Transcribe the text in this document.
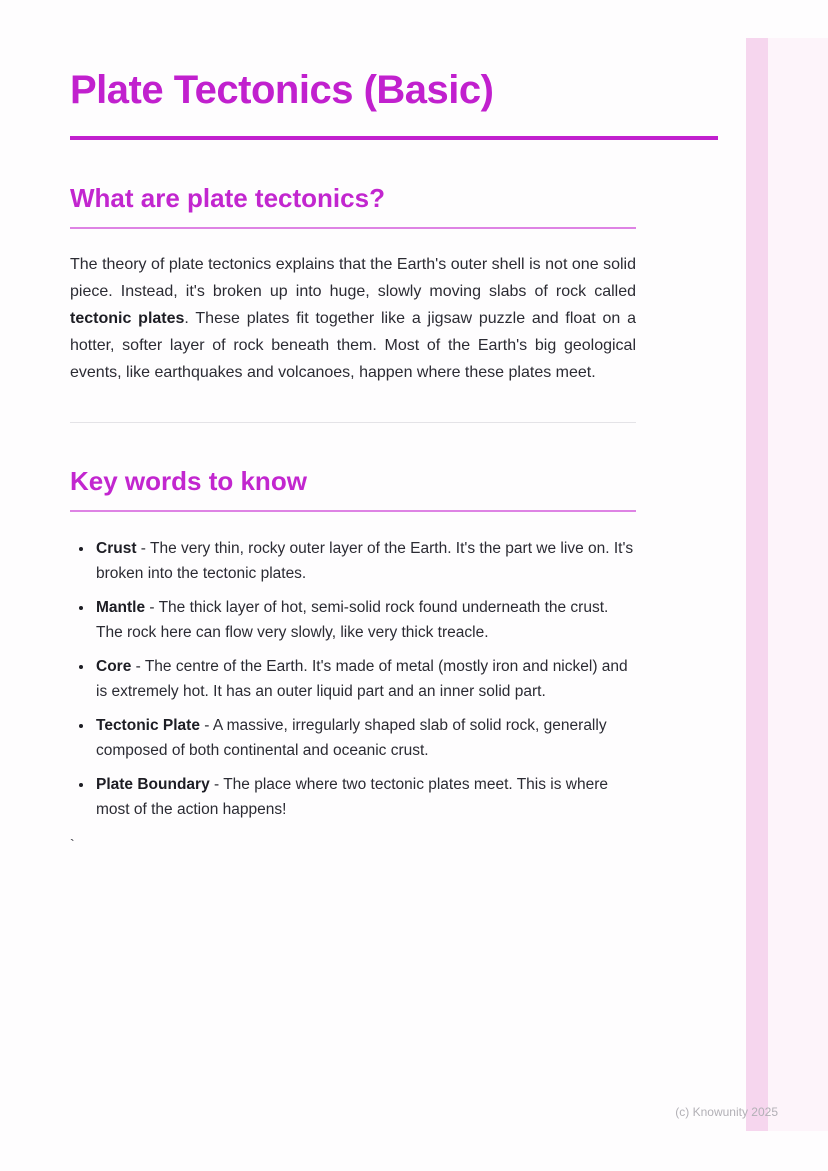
Plate Tectonics (Basic)
What are plate tectonics?

The theory of plate tectonics explains that the Earth's outer shell is not one solid piece. Instead, it's broken up into huge, slowly moving slabs of rock called tectonic plates. These plates fit together like a jigsaw puzzle and float on a hotter, softer layer of rock beneath them. Most of the Earth's big geological events, like earthquakes and volcanoes, happen where these plates meet.

Key words to know
• Crust - The very thin, rocky outer layer of the Earth. It's the part we live on. It's broken into the tectonic plates.
• Mantle - The thick layer of hot, semi-solid rock found underneath the crust. The rock here can flow very slowly, like very thick treacle.
• Core - The centre of the Earth. It's made of metal (mostly iron and nickel) and is extremely hot. It has an outer liquid part and an inner solid part.
• Tectonic Plate - A massive, irregularly shaped slab of solid rock, generally composed of both continental and oceanic crust.
• Plate Boundary - The place where two tectonic plates meet. This is where most of the action happens!

`

(c) Knowunity 2025
